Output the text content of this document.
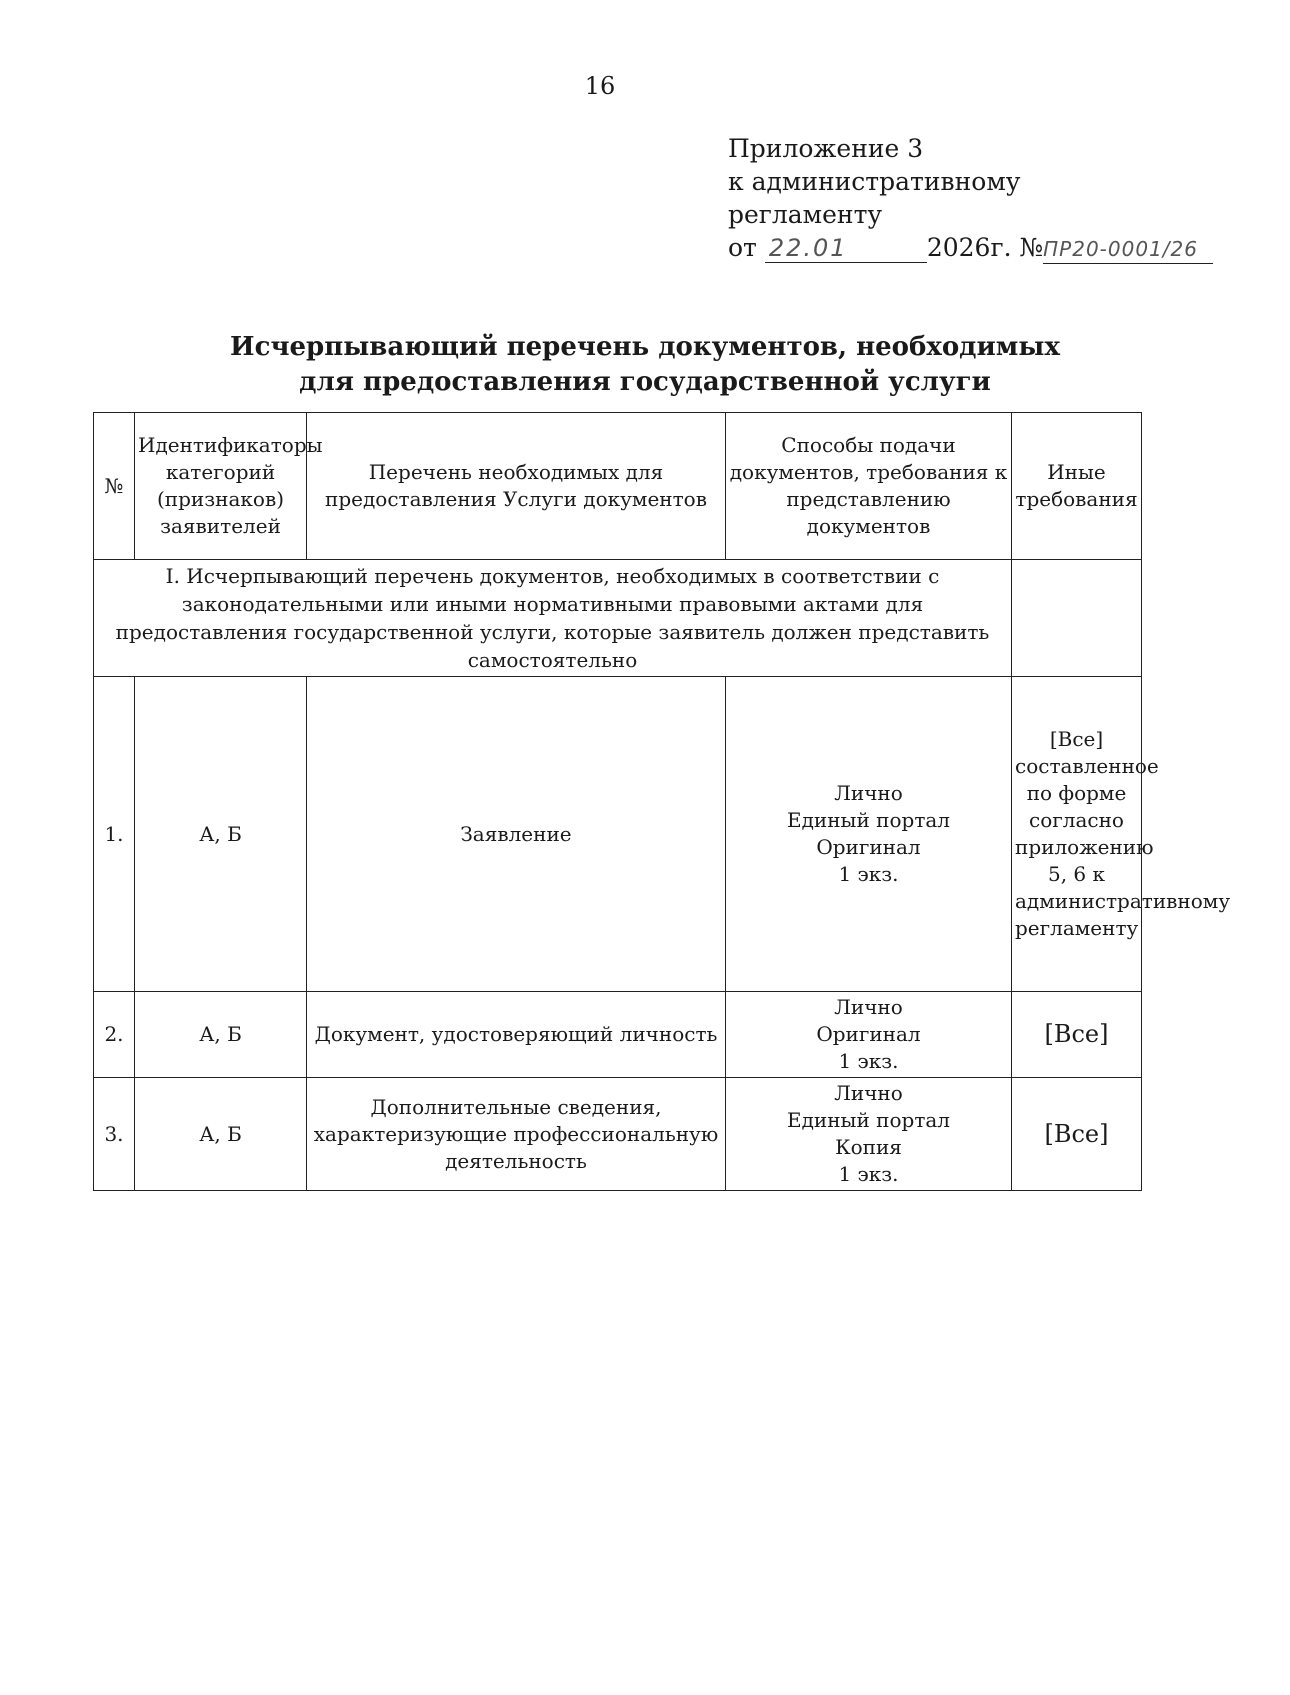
16
Приложение 3
к административному
регламенту
от 22.01	2026г. №ПР20-0001/26
Исчерпывающий перечень документов, необходимых
для предоставления государственной услуги
№	Идентификаторы категорий (признаков) заявителей	Перечень необходимых для предоставления Услуги документов	Способы подачи документов, требования к представлению документов	Иные требования
I. Исчерпывающий перечень документов, необходимых в соответствии с законодательными или иными нормативными правовыми актами для предоставления государственной услуги, которые заявитель должен представить самостоятельно				
1.	А, Б	Заявление	Лично
Единый портал
Оригинал
1 экз.	[Все] составленное по форме согласно приложению 5, 6 к административному регламенту
2.	А, Б	Документ, удостоверяющий личность	Лично
Оригинал
1 экз.	[Все]
3.	А, Б	Дополнительные сведения, характеризующие профессиональную деятельность	Лично
Единый портал
Копия
1 экз.	[Все]
